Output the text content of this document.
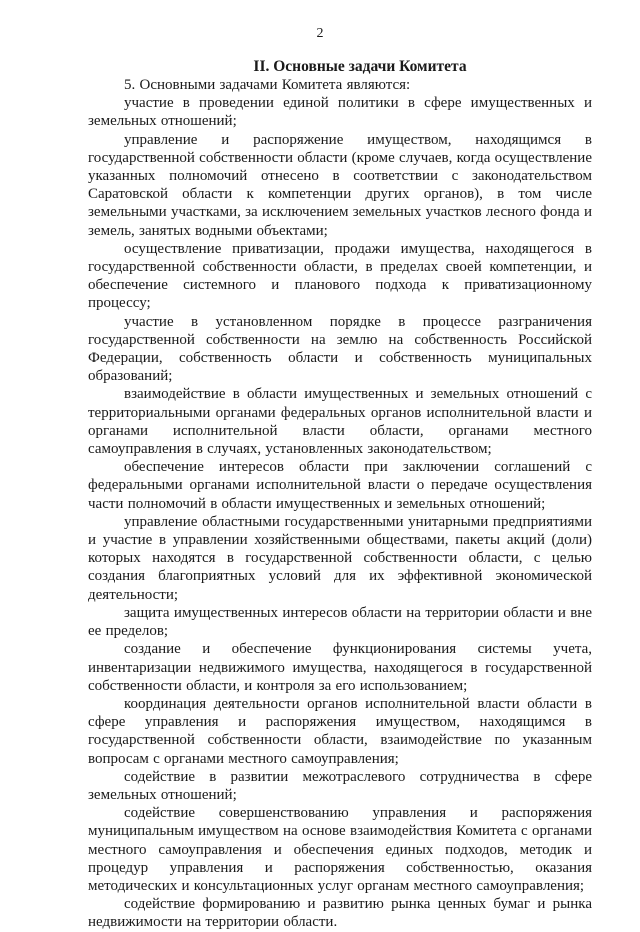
2
II. Основные задачи Комитета

5. Основными задачами Комитета являются:

участие в проведении единой политики в сфере имущественных и земельных отношений;

управление и распоряжение имуществом, находящимся в государственной собственности области (кроме случаев, когда осуществление указанных полномочий отнесено в соответствии с законодательством Саратовской области к компетенции других органов), в том числе земельными участками, за исключением земельных участков лесного фонда и земель, занятых водными объектами;

осуществление приватизации, продажи имущества, находящегося в государственной собственности области, в пределах своей компетенции, и обеспечение системного и планового подхода к приватизационному процессу;

участие в установленном порядке в процессе разграничения государственной собственности на землю на собственность Российской Федерации, собственность области и собственность муниципальных образований;

взаимодействие в области имущественных и земельных отношений с территориальными органами федеральных органов исполнительной власти и органами исполнительной власти области, органами местного самоуправления в случаях, установленных законодательством;

обеспечение интересов области при заключении соглашений с федеральными органами исполнительной власти о передаче осуществления части полномочий в области имущественных и земельных отношений;

управление областными государственными унитарными предприятиями и участие в управлении хозяйственными обществами, пакеты акций (доли) которых находятся в государственной собственности области, с целью создания благоприятных условий для их эффективной экономической деятельности;

защита имущественных интересов области на территории области и вне ее пределов;

создание и обеспечение функционирования системы учета, инвентаризации недвижимого имущества, находящегося в государственной собственности области, и контроля за его использованием;

координация деятельности органов исполнительной власти области в сфере управления и распоряжения имуществом, находящимся в государственной собственности области, взаимодействие по указанным вопросам с органами местного самоуправления;

содействие в развитии межотраслевого сотрудничества в сфере земельных отношений;

содействие совершенствованию управления и распоряжения муниципальным имуществом на основе взаимодействия Комитета с органами местного самоуправления и обеспечения единых подходов, методик и процедур управления и распоряжения собственностью, оказания методических и консультационных услуг органам местного самоуправления;

содействие формированию и развитию рынка ценных бумаг и рынка недвижимости на территории области.
